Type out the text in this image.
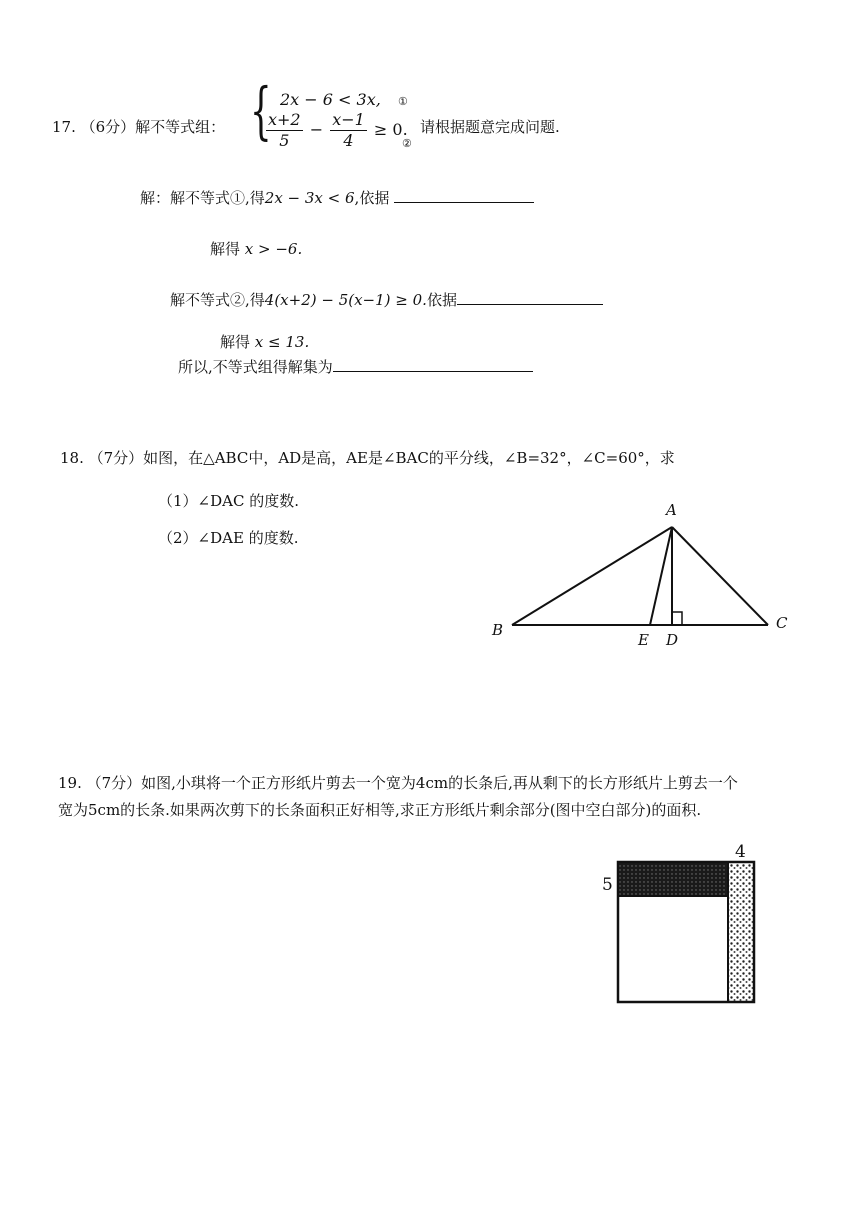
17. （6分）解不等式组： { 2x − 6 < 3x, ①
$\frac{x+2}{5} - \frac{x-1}{4} \ge 0$.
②
请根据题意完成问题.
解：解不等式①,得2x − 3x < 6,依据
解得 x > −6.
解不等式②,得4(x+2) − 5(x−1) ≥ 0.依据
解得 x ≤ 13.
所以,不等式组得解集为
18. （7分）如图，在△ABC中，AD是高，AE是∠BAC的平分线，∠B=32°，∠C=60°，求
（1）∠DAC 的度数.
（2）∠DAE 的度数.
A
B	C
E D
19. （7分）如图,小琪将一个正方形纸片剪去一个宽为4cm的长条后,再从剩下的长方形纸片上剪去一个
宽为5cm的长条.如果两次剪下的长条面积正好相等,求正方形纸片剩余部分(图中空白部分)的面积.
4
5
